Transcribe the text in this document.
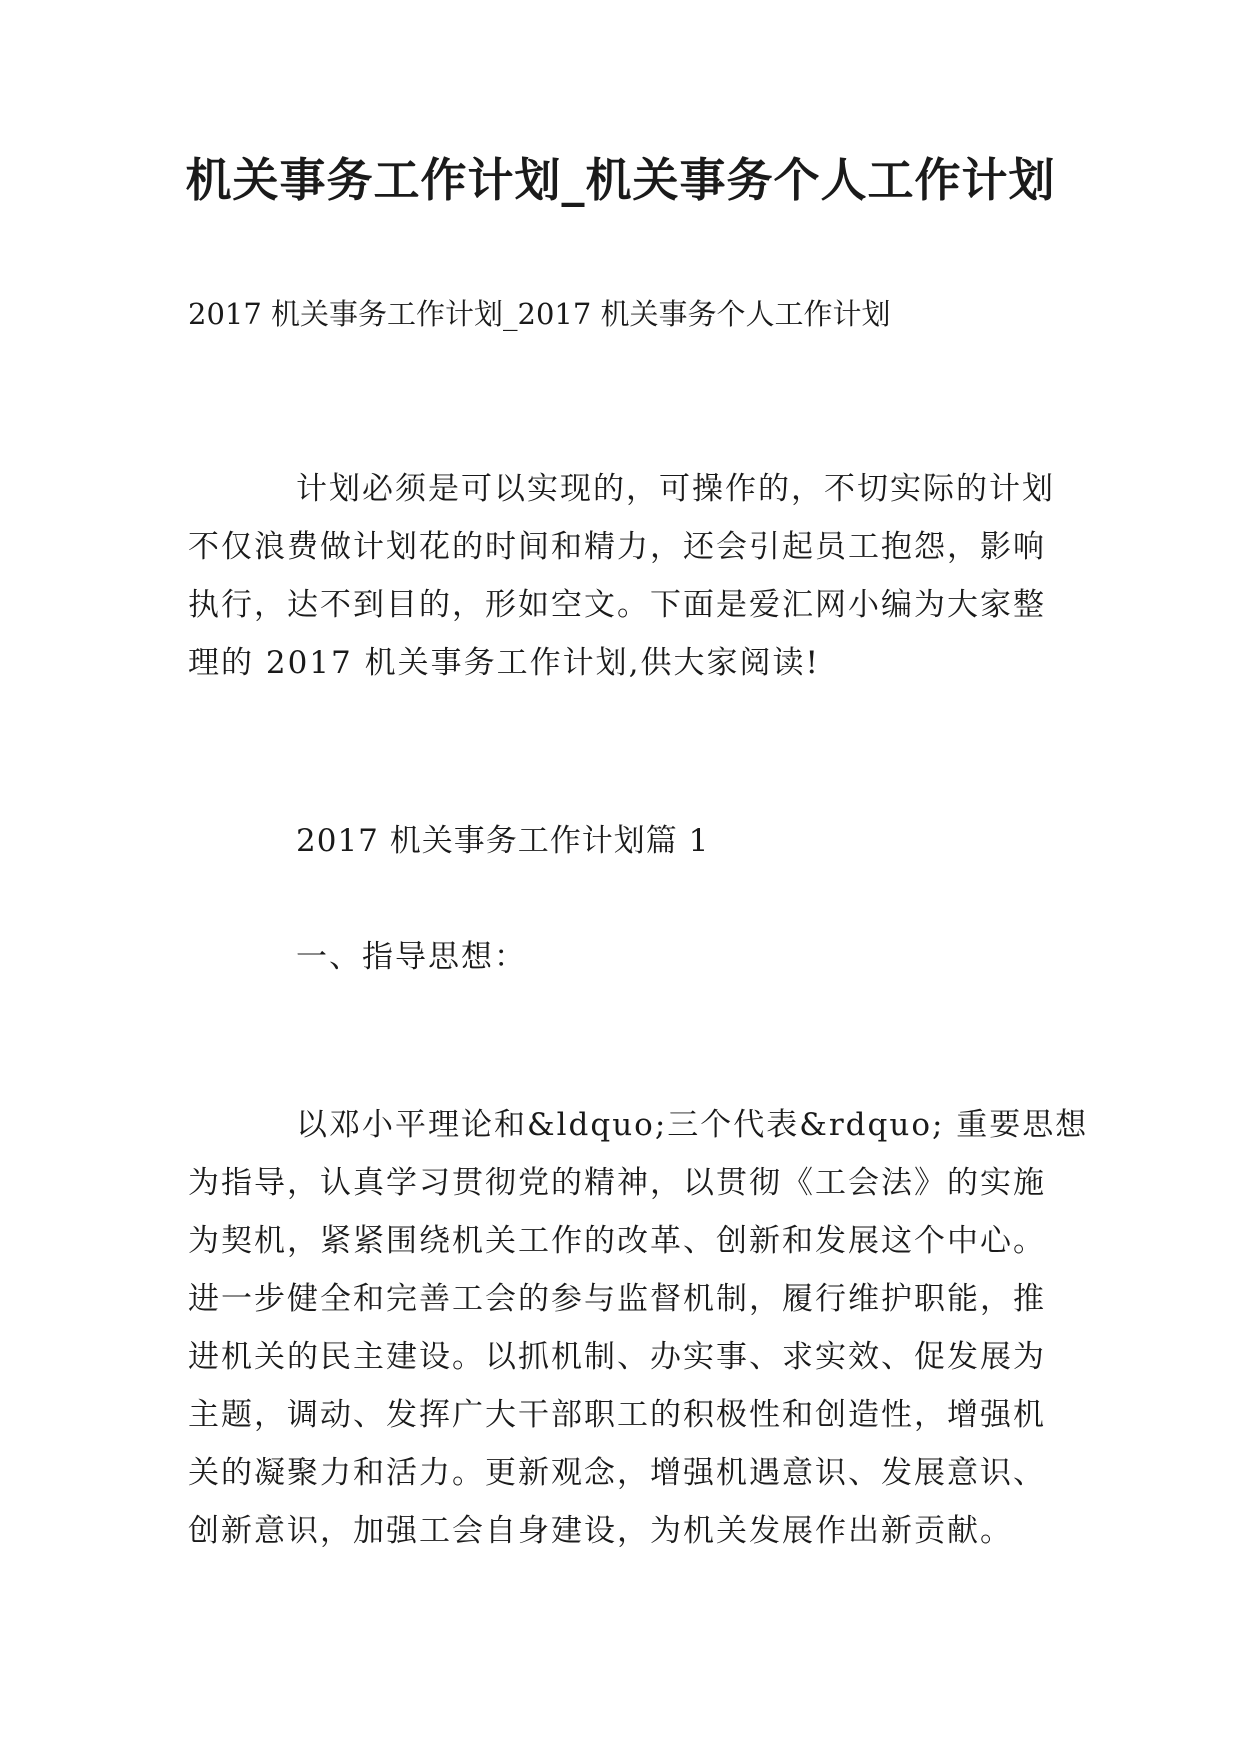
机关事务工作计划_机关事务个人工作计划

2017 机关事务工作计划_2017 机关事务个人工作计划

计划必须是可以实现的，可操作的，不切实际的计划
不仅浪费做计划花的时间和精力，还会引起员工抱怨，影响
执行，达不到目的，形如空文。下面是爱汇网小编为大家整
理的 2017 机关事务工作计划,供大家阅读!

2017 机关事务工作计划篇 1

一、指导思想：

以邓小平理论和&ldquo;三个代表&rdquo; 重要思想
为指导，认真学习贯彻党的精神，以贯彻《工会法》的实施
为契机，紧紧围绕机关工作的改革、创新和发展这个中心。
进一步健全和完善工会的参与监督机制，履行维护职能，推
进机关的民主建设。以抓机制、办实事、求实效、促发展为
主题，调动、发挥广大干部职工的积极性和创造性，增强机
关的凝聚力和活力。更新观念，增强机遇意识、发展意识、
创新意识，加强工会自身建设，为机关发展作出新贡献。
